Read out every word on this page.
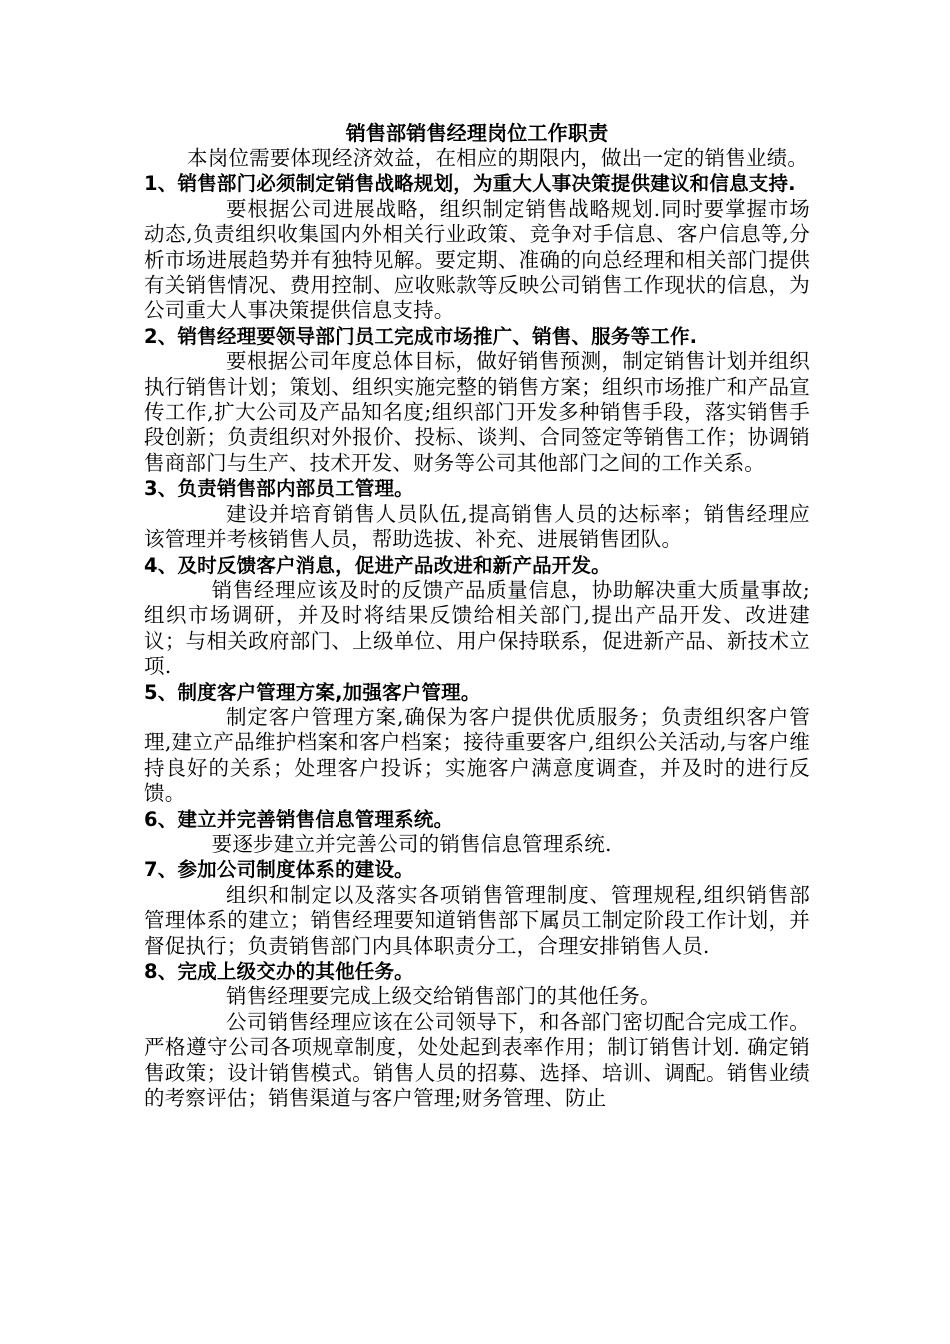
销售部销售经理岗位工作职责

本岗位需要体现经济效益，在相应的期限内，做出一定的销售业绩。

1、销售部门必须制定销售战略规划，为重大人事决策提供建议和信息支持.

要根据公司进展战略，组织制定销售战略规划.同时要掌握市场动态,负责组织收集国内外相关行业政策、竞争对手信息、客户信息等,分析市场进展趋势并有独特见解。要定期、准确的向总经理和相关部门提供有关销售情况、费用控制、应收账款等反映公司销售工作现状的信息，为公司重大人事决策提供信息支持。

2、销售经理要领导部门员工完成市场推广、销售、服务等工作.

要根据公司年度总体目标，做好销售预测，制定销售计划并组织执行销售计划；策划、组织实施完整的销售方案；组织市场推广和产品宣传工作,扩大公司及产品知名度;组织部门开发多种销售手段，落实销售手段创新；负责组织对外报价、投标、谈判、合同签定等销售工作；协调销售商部门与生产、技术开发、财务等公司其他部门之间的工作关系。

3、负责销售部内部员工管理。

建设并培育销售人员队伍,提高销售人员的达标率；销售经理应该管理并考核销售人员，帮助选拔、补充、进展销售团队。

4、及时反馈客户消息，促进产品改进和新产品开发。

销售经理应该及时的反馈产品质量信息，协助解决重大质量事故;组织市场调研，并及时将结果反馈给相关部门,提出产品开发、改进建议；与相关政府部门、上级单位、用户保持联系，促进新产品、新技术立项.

5、制度客户管理方案,加强客户管理。

制定客户管理方案,确保为客户提供优质服务；负责组织客户管理,建立产品维护档案和客户档案；接待重要客户,组织公关活动,与客户维持良好的关系；处理客户投诉；实施客户满意度调查，并及时的进行反馈。

6、建立并完善销售信息管理系统。

要逐步建立并完善公司的销售信息管理系统.

7、参加公司制度体系的建设。

组织和制定以及落实各项销售管理制度、管理规程,组织销售部管理体系的建立；销售经理要知道销售部下属员工制定阶段工作计划，并督促执行；负责销售部门内具体职责分工，合理安排销售人员.

8、完成上级交办的其他任务。

销售经理要完成上级交给销售部门的其他任务。

公司销售经理应该在公司领导下，和各部门密切配合完成工作。严格遵守公司各项规章制度，处处起到表率作用；制订销售计划. 确定销售政策；设计销售模式。销售人员的招募、选择、培训、调配。销售业绩的考察评估；销售渠道与客户管理;财务管理、防止
